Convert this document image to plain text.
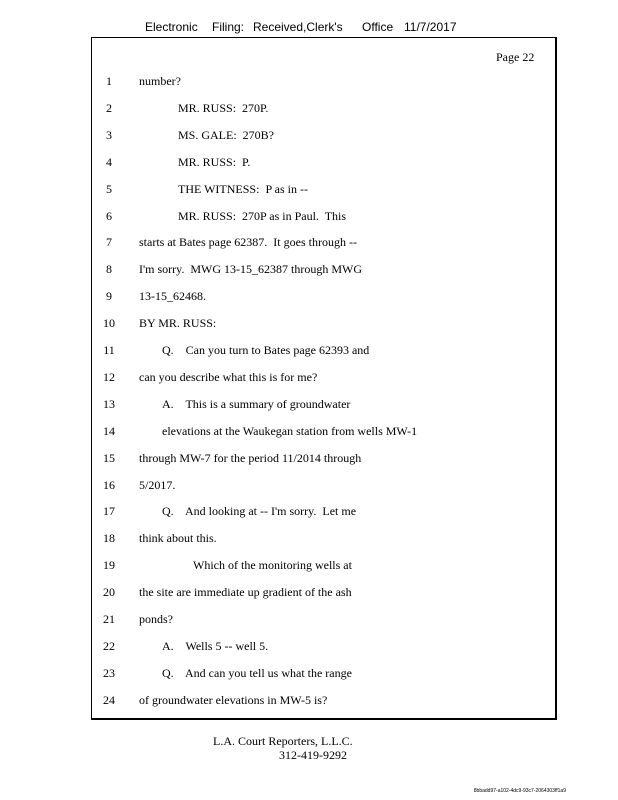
Electronic Filing: Received,Clerk's Office 11/7/2017
Page 22
1	number?
2	MR. RUSS:  270P.
3	MS. GALE:  270B?
4	MR. RUSS:  P.
5	THE WITNESS:  P as in --
6	MR. RUSS:  270P as in Paul.  This
7	starts at Bates page 62387.  It goes through --
8	I'm sorry.  MWG 13-15_62387 through MWG
9	13-15_62468.
10 BY MR. RUSS:
11	Q.    Can you turn to Bates page 62393 and
12 can you describe what this is for me?
13	A.    This is a summary of groundwater
14	elevations at the Waukegan station from wells MW-1
15 through MW-7 for the period 11/2014 through
16 5/2017.
17	Q.    And looking at -- I'm sorry.  Let me
18 think about this.
19	Which of the monitoring wells at
20 the site are immediate up gradient of the ash
21 ponds?
22	A.    Wells 5 -- well 5.
23	Q.    And can you tell us what the range
24 of groundwater elevations in MW-5 is?
L.A. Court Reporters, L.L.C.
312-419-9292
8bbadd97-a102-4dc9-93c7-2064303ff1a9
